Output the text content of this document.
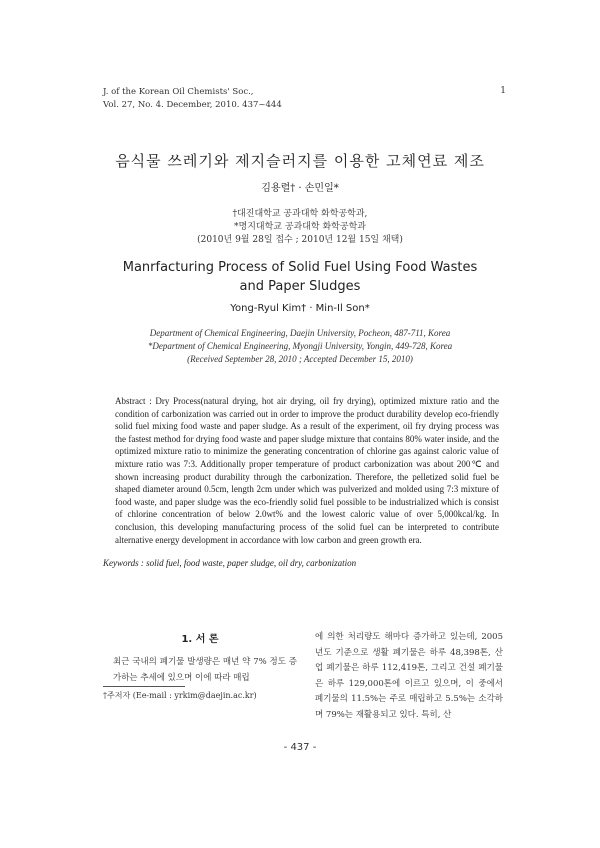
J. of the Korean Oil Chemists' Soc.,
Vol. 27, No. 4. December, 2010. 437~444
1
음식물 쓰레기와 제지슬러지를 이용한 고체연료 제조
김용렬† · 손민일*
†대진대학교 공과대학 화학공학과,
*명지대학교 공과대학 화학공학과
(2010년 9월 28일 접수 ; 2010년 12월 15일 채택)
Manrfacturing Process of Solid Fuel Using Food Wastes
and Paper Sludges
Yong-Ryul Kim† · Min-Il Son*
Department of Chemical Engineering, Daejin University, Pocheon, 487-711, Korea
*Department of Chemical Engineering, Myongji University, Yongin, 449-728, Korea
(Received September 28, 2010 ; Accepted December 15, 2010)
Abstract : Dry Process(natural drying, hot air drying, oil fry drying), optimized mixture ratio and the condition of carbonization was carried out in order to improve the product durability develop eco-friendly solid fuel mixing food waste and paper sludge. As a result of the experiment, oil fry drying process was the fastest method for drying food waste and paper sludge mixture that contains 80% water inside, and the optimized mixture ratio to minimize the generating concentration of chlorine gas against caloric value of mixture ratio was 7:3. Additionally proper temperature of product carbonization was about 200℃ and shown increasing product durability through the carbonization. Therefore, the pelletized solid fuel be shaped diameter around 0.5cm, length 2cm under which was pulverized and molded using 7:3 mixture of food waste, and paper sludge was the eco-friendly solid fuel possible to be industrialized which is consist of chlorine concentration of below 2.0wt% and the lowest caloric value of over 5,000kcal/kg. In conclusion, this developing manufacturing process of the solid fuel can be interpreted to contribute alternative energy development in accordance with low carbon and green growth era.
Keywords : solid fuel, food waste, paper sludge, oil dry, carbonization
1. 서 론
최근 국내의 폐기물 발생량은 매년 약 7% 정도 증가하는 추세에 있으며 이에 따라 매립
에 의한 처리량도 해마다 증가하고 있는데, 2005년도 기준으로 생활 폐기물은 하루 48,398톤, 산업 폐기물은 하루 112,419톤, 그리고 건설 폐기물은 하루 129,000톤에 이르고 있으며, 이 중에서 폐기물의 11.5%는 주로 매립하고 5.5%는 소각하며 79%는 재활용되고 있다. 특히, 산
†주저자 (Ee-mail : yrkim@daejin.ac.kr)
- 437 -
